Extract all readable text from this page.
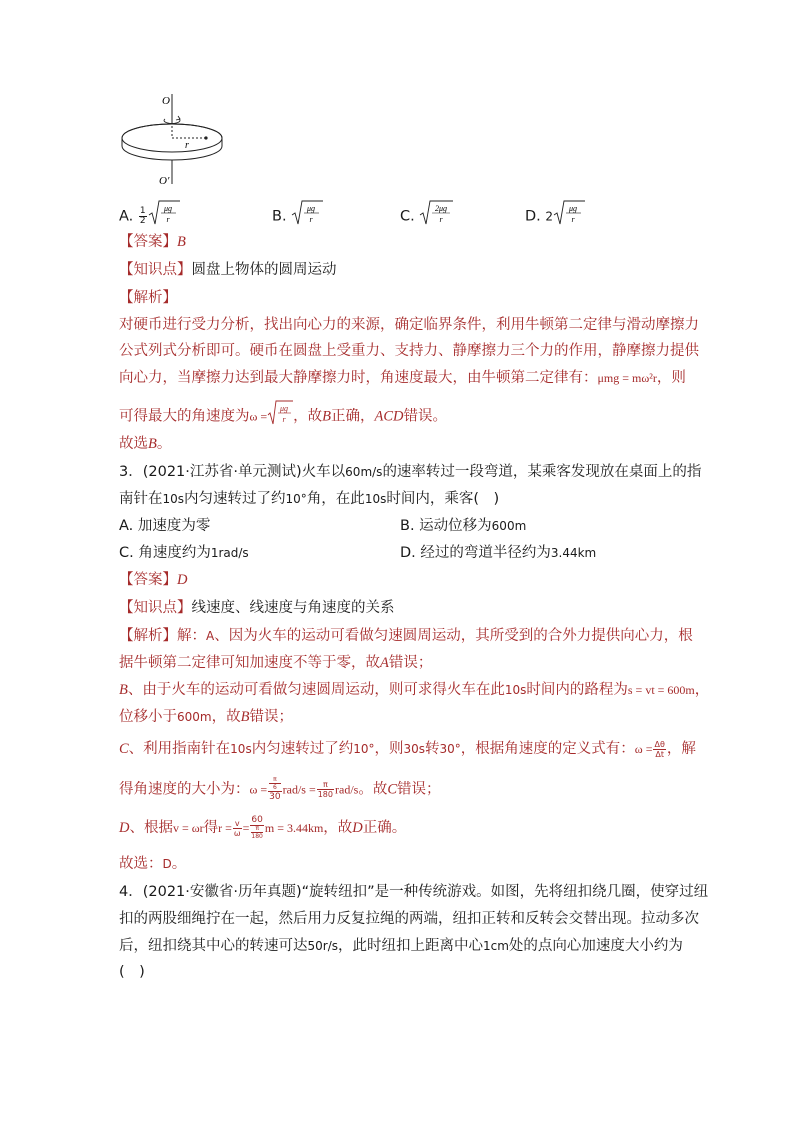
O
r
O′
A. $\frac{1}{2}$ μg
r	B.	μg
r	C.	2μg
r	D. 2
μg
r
【答案】B
【知识点】圆盘上物体的圆周运动
【解析】
对硬币进行受力分析，找出向心力的来源，确定临界条件，利用牛顿第二定律与滑动摩擦力
公式列式分析即可。硬币在圆盘上受重力、支持力、静摩擦力三个力的作用，静摩擦力提供
向心力，当摩擦力达到最大静摩擦力时，角速度最大，由牛顿第二定律有：μmg = mω²r，则
可得最大的角速度为ω =
μg
r ，故B正确，ACD错误。
故选B。
3．(2021·江苏省·单元测试)火车以60m/s的速率转过一段弯道，某乘客发现放在桌面上的指
南针在10s内匀速转过了约10°角，在此10s时间内，乘客(　)
A. 加速度为零	B. 运动位移为600m
C. 角速度约为1rad/s	D. 经过的弯道半径约为3.44km
【答案】D
【知识点】线速度、线速度与角速度的关系
【解析】解：A、因为火车的运动可看做匀速圆周运动，其所受到的合外力提供向心力，根
据牛顿第二定律可知加速度不等于零，故A错误；
B、由于火车的运动可看做匀速圆周运动，则可求得火车在此10s时间内的路程为s = vt = 600m，
位移小于600m，故B错误；
C、利用指南针在10s内匀速转过了约10°，则30s转30°，根据角速度的定义式有：$\omega = \frac{\Delta\theta}{\Delta t}$ ，解
得角速度的大小为：ω = π
6
30 $rad/s = \frac{\pi}{180} rad/s$。故C错误；
D、根据v = ωr得$r = \frac{v}{\omega} = 60$
π
180 m = 3.44km，故D正确。
故选：D。
4．(2021·安徽省·历年真题)“旋转纽扣”是一种传统游戏。如图，先将纽扣绕几圈，使穿过纽
扣的两股细绳拧在一起，然后用力反复拉绳的两端，纽扣正转和反转会交替出现。拉动多次
后，纽扣绕其中心的转速可达50r/s，此时纽扣上距离中心1cm处的点向心加速度大小约为
(　)
